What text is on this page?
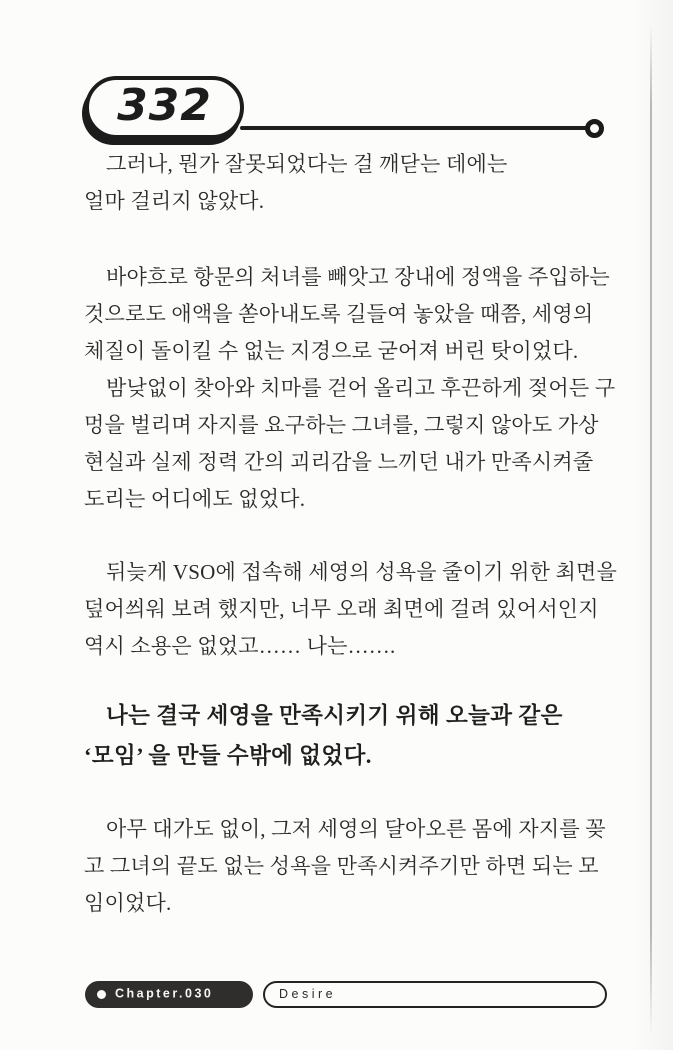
332

그러나, 뭔가 잘못되었다는 걸 깨닫는 데에는
얼마 걸리지 않았다.

바야흐로 항문의 처녀를 빼앗고 장내에 정액을 주입하는
것으로도 애액을 쏟아내도록 길들여 놓았을 때쯤, 세영의
체질이 돌이킬 수 없는 지경으로 굳어져 버린 탓이었다.

밤낮없이 찾아와 치마를 걷어 올리고 후끈하게 젖어든 구
멍을 벌리며 자지를 요구하는 그녀를, 그렇지 않아도 가상
현실과 실제 정력 간의 괴리감을 느끼던 내가 만족시켜줄
도리는 어디에도 없었다.

뒤늦게 VSO에 접속해 세영의 성욕을 줄이기 위한 최면을
덮어씌워 보려 했지만, 너무 오래 최면에 걸려 있어서인지
역시 소용은 없었고…… 나는…….

나는 결국 세영을 만족시키기 위해 오늘과 같은
‘모임’ 을 만들 수밖에 없었다.

아무 대가도 없이, 그저 세영의 달아오른 몸에 자지를 꽂
고 그녀의 끝도 없는 성욕을 만족시켜주기만 하면 되는 모
임이었다.

Chapter.030	Desire
